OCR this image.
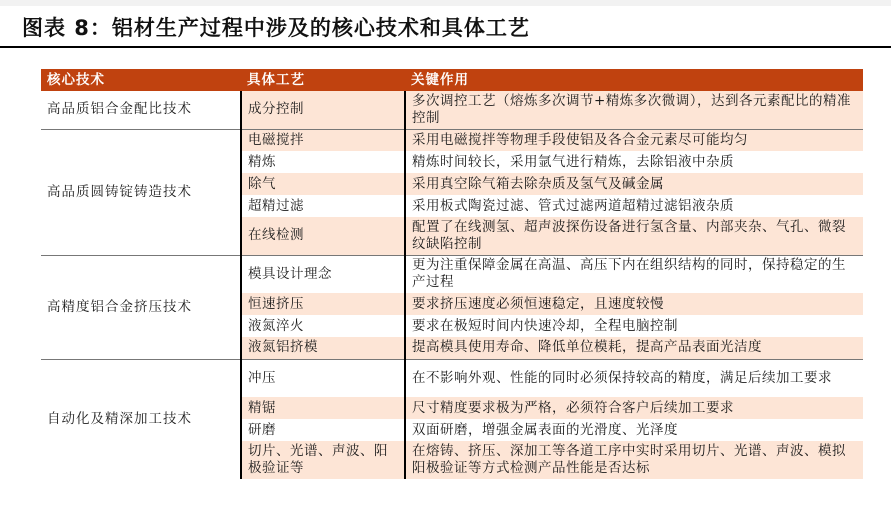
图表 8：铝材生产过程中涉及的核心技术和具体工艺
核心技术	具体工艺	关键作用
高品质铝合金配比技术	成分控制	多次调控工艺（熔炼多次调节+精炼多次微调），达到各元素配比的精准控制
高品质圆铸锭铸造技术	电磁搅拌	采用电磁搅拌等物理手段使铝及各合金元素尽可能均匀
	精炼	精炼时间较长，采用氩气进行精炼，去除铝液中杂质
	除气	采用真空除气箱去除杂质及氢气及碱金属
	超精过滤	采用板式陶瓷过滤、管式过滤两道超精过滤铝液杂质
	在线检测	配置了在线测氢、超声波探伤设备进行氢含量、内部夹杂、气孔、微裂纹缺陷控制
高精度铝合金挤压技术	模具设计理念	更为注重保障金属在高温、高压下内在组织结构的同时，保持稳定的生产过程
	恒速挤压	要求挤压速度必须恒速稳定，且速度较慢
	液氮淬火	要求在极短时间内快速冷却，全程电脑控制
	液氮铝挤模	提高模具使用寿命、降低单位模耗，提高产品表面光洁度
自动化及精深加工技术	冲压	在不影响外观、性能的同时必须保持较高的精度，满足后续加工要求
	精锯	尺寸精度要求极为严格，必须符合客户后续加工要求
	研磨	双面研磨，增强金属表面的光滑度、光泽度
	切片、光谱、声波、阳极验证等	在熔铸、挤压、深加工等各道工序中实时采用切片、光谱、声波、模拟阳极验证等方式检测产品性能是否达标
